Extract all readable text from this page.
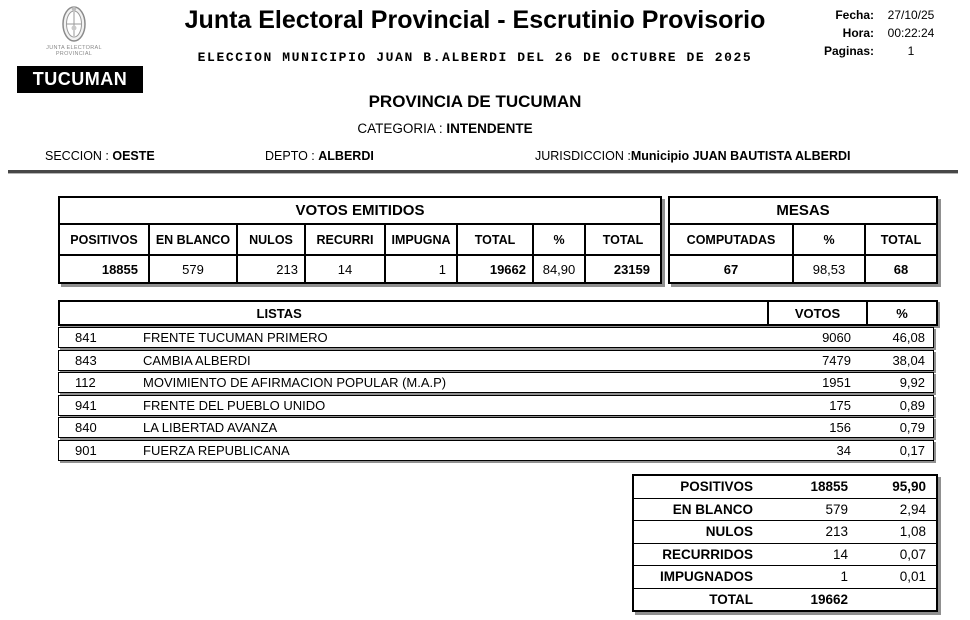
JUNTA ELECTORAL PROVINCIAL
TUCUMAN
Junta Electoral Provincial - Escrutinio Provisorio
ELECCION MUNICIPIO JUAN B.ALBERDI DEL 26 DE OCTUBRE DE 2025
Fecha:	27/10/25
Hora:	00:22:24
Paginas:	1
PROVINCIA DE TUCUMAN
CATEGORIA : INTENDENTE
SECCION : OESTE	DEPTO : ALBERDI	JURISDICCION :Municipio JUAN BAUTISTA ALBERDI
VOTOS EMITIDOS
POSITIVOS	EN BLANCO	NULOS	RECURRI	IMPUGNA	TOTAL	%	TOTAL
18855	579	213	14	1	19662	84,90	23159
MESAS
COMPUTADAS	%	TOTAL
67	98,53	68
LISTAS	VOTOS	%
841	FRENTE TUCUMAN PRIMERO	9060	46,08
843	CAMBIA ALBERDI	7479	38,04
112	MOVIMIENTO DE AFIRMACION POPULAR (M.A.P)	1951	9,92
941	FRENTE DEL PUEBLO UNIDO	175	0,89
840	LA LIBERTAD AVANZA	156	0,79
901	FUERZA REPUBLICANA	34	0,17
POSITIVOS	18855	95,90
EN BLANCO	579	2,94
NULOS	213	1,08
RECURRIDOS	14	0,07
IMPUGNADOS	1	0,01
TOTAL	19662
